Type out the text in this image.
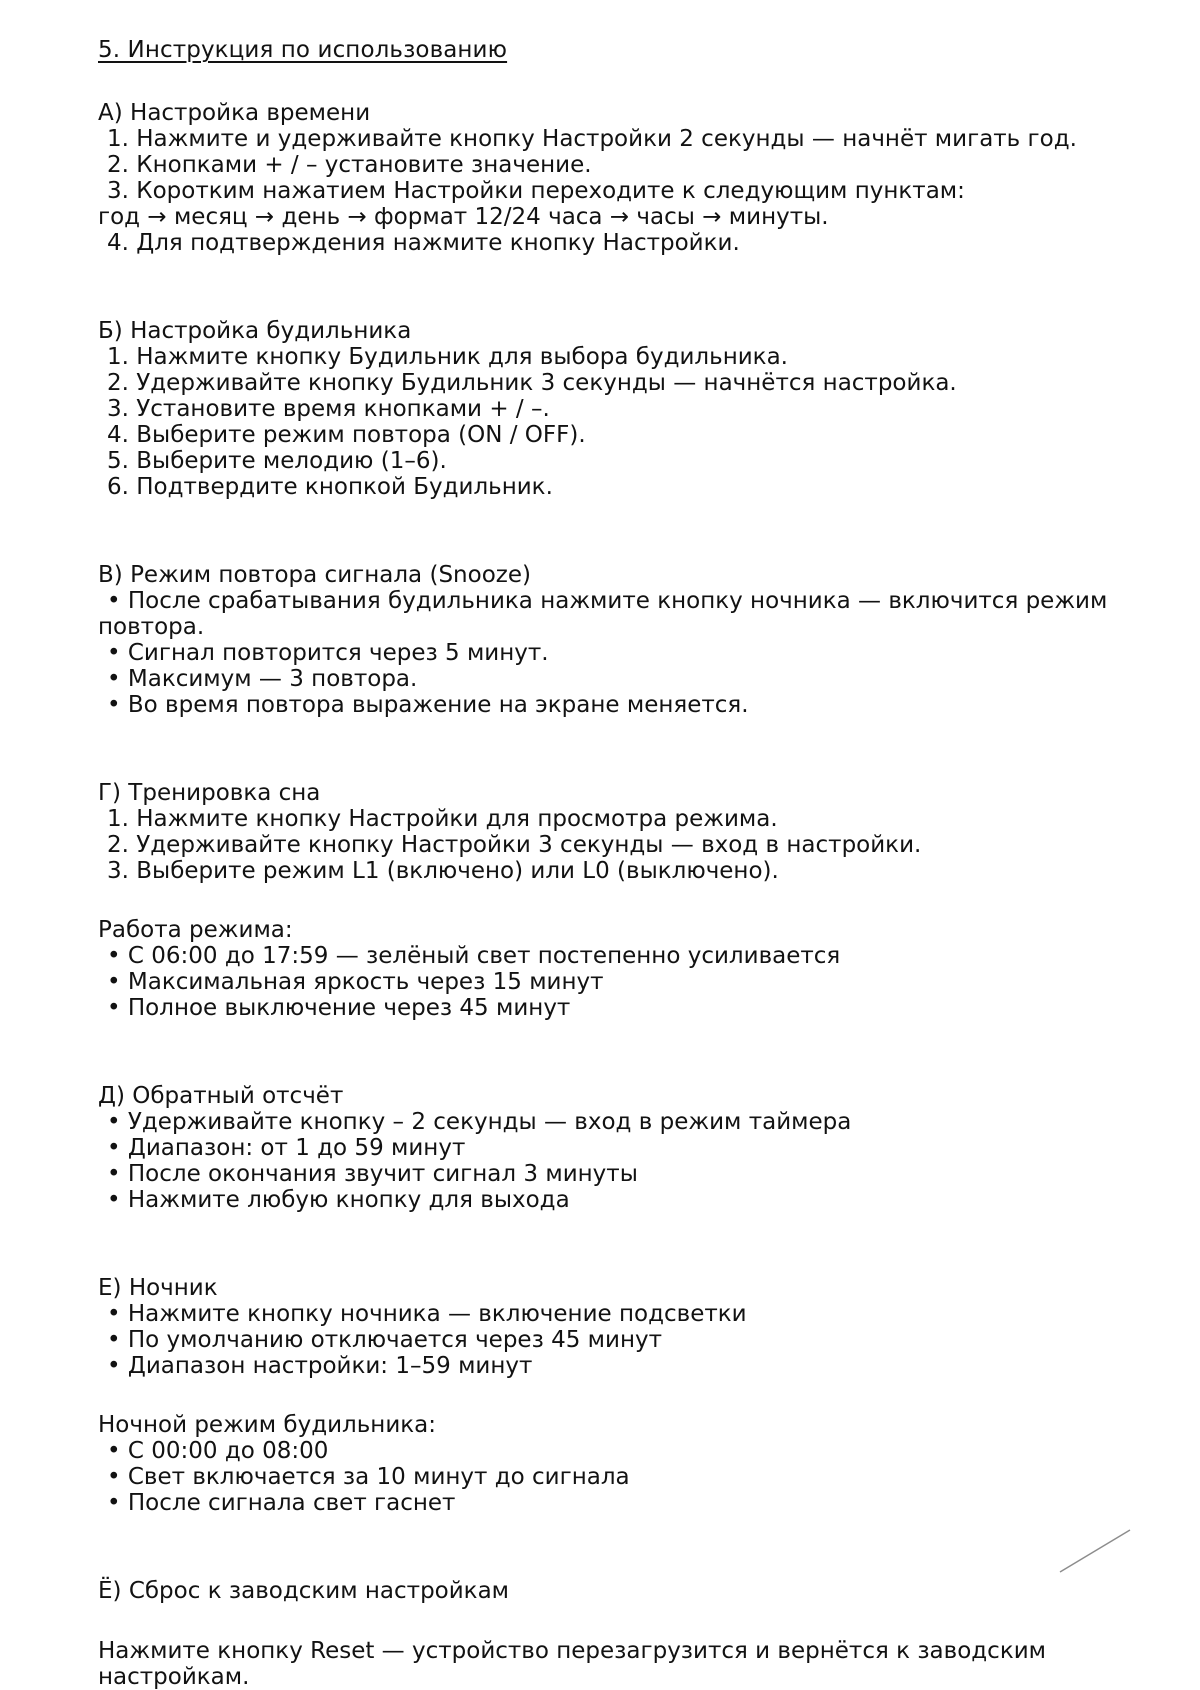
5. Инструкция по использованию
А) Настройка времени
1. Нажмите и удерживайте кнопку Настройки 2 секунды — начнёт мигать год.
2. Кнопками + / – установите значение.
3. Коротким нажатием Настройки переходите к следующим пунктам:
год → месяц → день → формат 12/24 часа → часы → минуты.
4. Для подтверждения нажмите кнопку Настройки.
Б) Настройка будильника
1. Нажмите кнопку Будильник для выбора будильника.
2. Удерживайте кнопку Будильник 3 секунды — начнётся настройка.
3. Установите время кнопками + / –.
4. Выберите режим повтора (ON / OFF).
5. Выберите мелодию (1–6).
6. Подтвердите кнопкой Будильник.
В) Режим повтора сигнала (Snooze)
• После срабатывания будильника нажмите кнопку ночника — включится режим
повтора.
• Сигнал повторится через 5 минут.
• Максимум — 3 повтора.
• Во время повтора выражение на экране меняется.
Г) Тренировка сна
1. Нажмите кнопку Настройки для просмотра режима.
2. Удерживайте кнопку Настройки 3 секунды — вход в настройки.
3. Выберите режим L1 (включено) или L0 (выключено).
Работа режима:
• С 06:00 до 17:59 — зелёный свет постепенно усиливается
• Максимальная яркость через 15 минут
• Полное выключение через 45 минут
Д) Обратный отсчёт
• Удерживайте кнопку – 2 секунды — вход в режим таймера
• Диапазон: от 1 до 59 минут
• После окончания звучит сигнал 3 минуты
• Нажмите любую кнопку для выхода
Е) Ночник
• Нажмите кнопку ночника — включение подсветки
• По умолчанию отключается через 45 минут
• Диапазон настройки: 1–59 минут
Ночной режим будильника:
• С 00:00 до 08:00
• Свет включается за 10 минут до сигнала
• После сигнала свет гаснет
Ё) Сброс к заводским настройкам
Нажмите кнопку Reset — устройство перезагрузится и вернётся к заводским настройкам.
